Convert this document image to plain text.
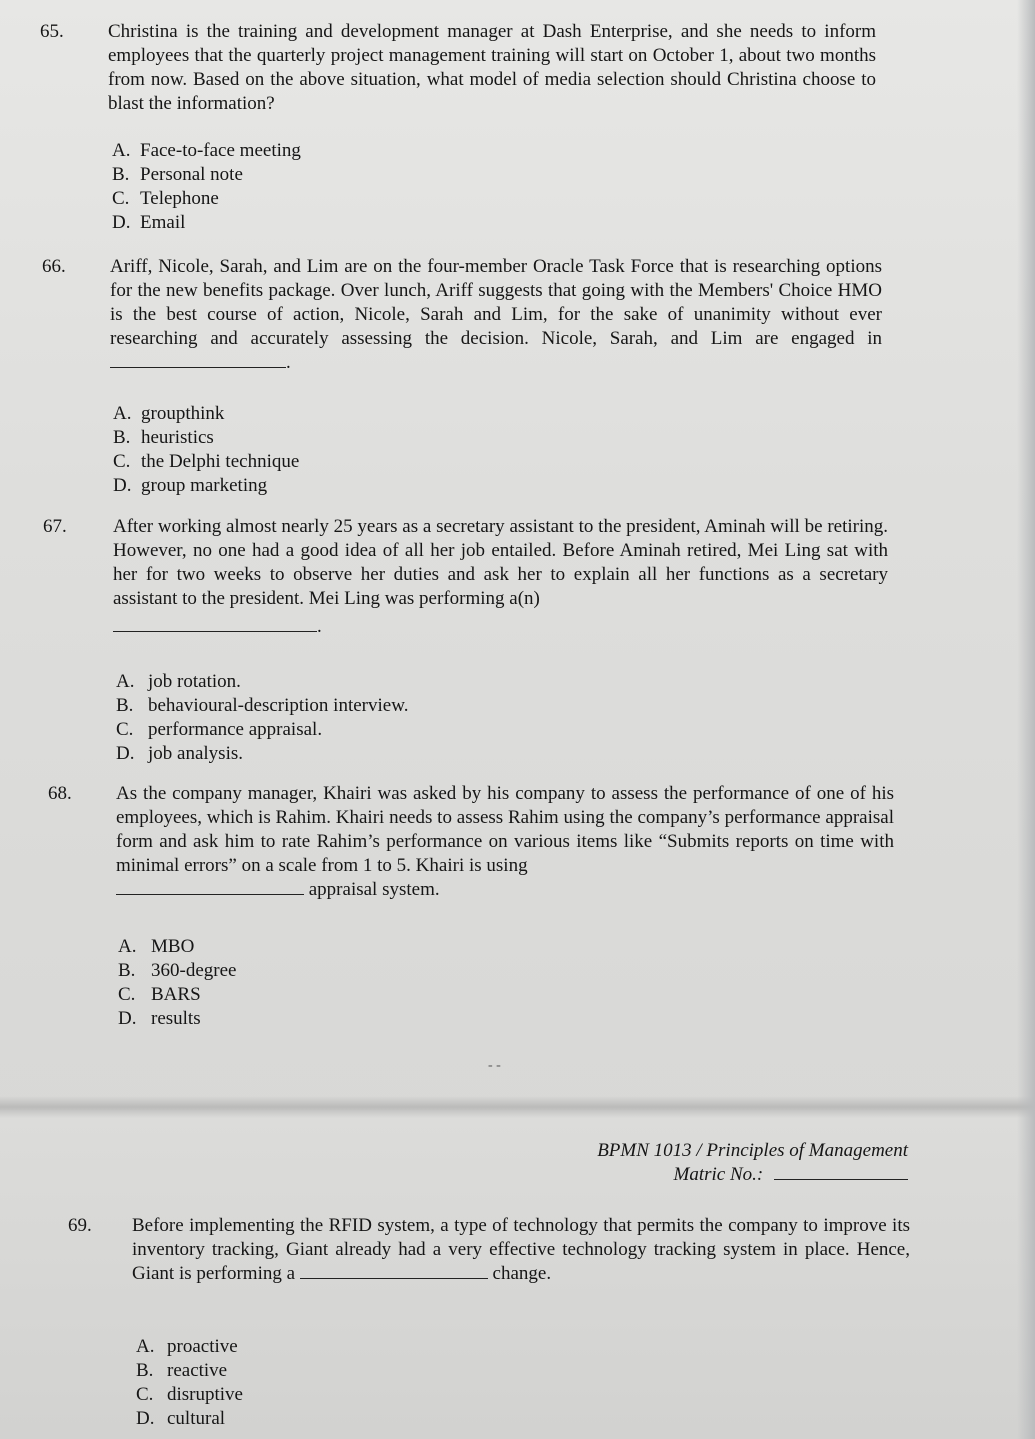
65. Christina is the training and development manager at Dash Enterprise, and she needs to inform employees that the quarterly project management training will start on October 1, about two months from now. Based on the above situation, what model of media selection should Christina choose to blast the information?

A. Face-to-face meeting
B. Personal note
C. Telephone
D. Email

66. Ariff, Nicole, Sarah, and Lim are on the four-member Oracle Task Force that is researching options for the new benefits package. Over lunch, Ariff suggests that going with the Members' Choice HMO is the best course of action, Nicole, Sarah and Lim, for the sake of unanimity without ever researching and accurately assessing the decision. Nicole, Sarah, and Lim are engaged in .

A. groupthink
B. heuristics
C. the Delphi technique
D. group marketing

67. After working almost nearly 25 years as a secretary assistant to the president, Aminah will be retiring. However, no one had a good idea of all her job entailed. Before Aminah retired, Mei Ling sat with her for two weeks to observe her duties and ask her to explain all her functions as a secretary assistant to the president. Mei Ling was performing a(n)

.

A. job rotation.
B. behavioural-description interview.
C. performance appraisal.
D. job analysis.

68. As the company manager, Khairi was asked by his company to assess the performance of one of his employees, which is Rahim. Khairi needs to assess Rahim using the company’s performance appraisal form and ask him to rate Rahim’s performance on various items like “Submits reports on time with minimal errors” on a scale from 1 to 5. Khairi is using

appraisal system.

A. MBO
B. 360-degree
C. BARS
D. results
- -
BPMN 1013 / Principles of Management
Matric No.:

69. Before implementing the RFID system, a type of technology that permits the company to improve its inventory tracking, Giant already had a very effective technology tracking system in place. Hence, Giant is performing a	change.

A. proactive
B. reactive
C. disruptive
D. cultural
